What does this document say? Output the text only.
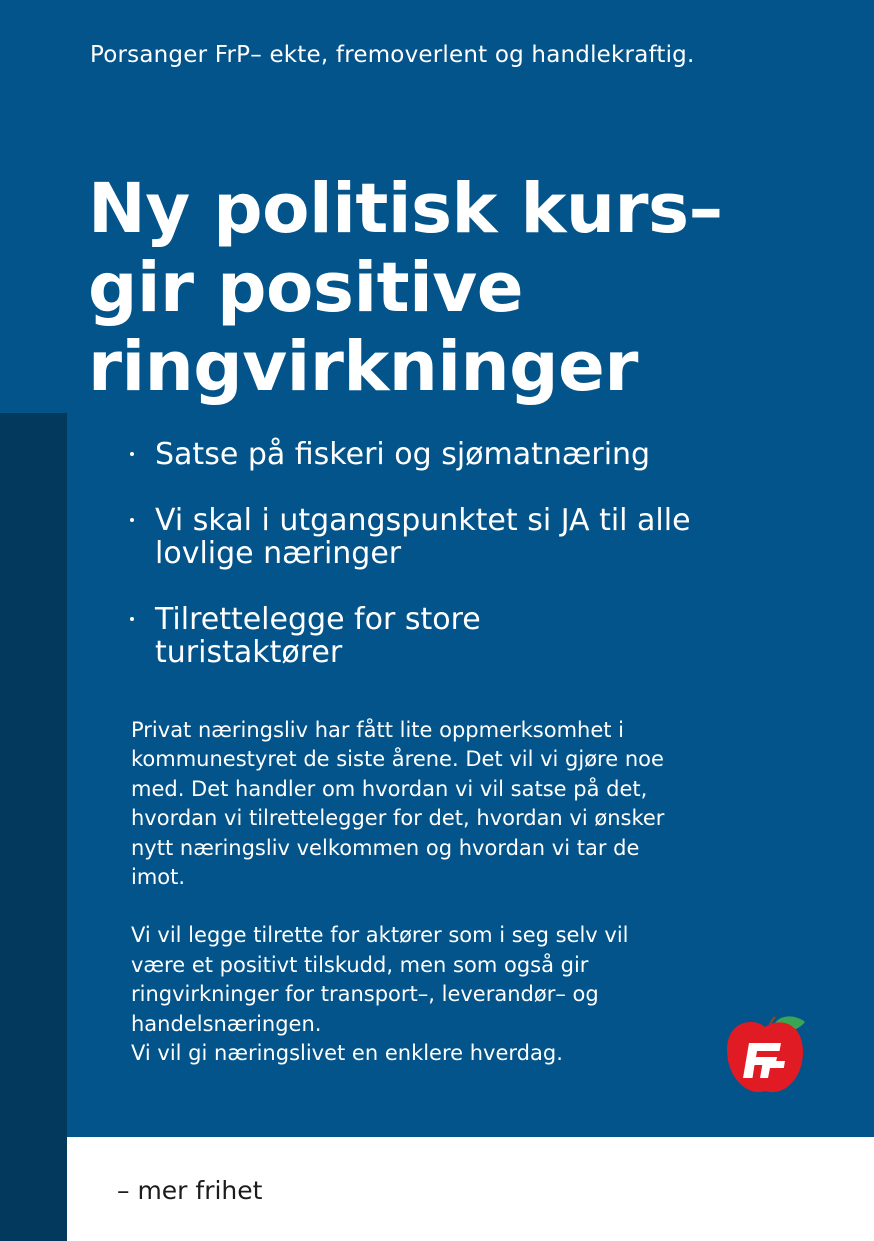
Porsanger FrP– ekte, fremoverlent og handlekraftig.
Ny politisk kurs–
gir positive
ringvirkninger
Satse på fiskeri og sjømatnæring
Vi skal i utgangspunktet si JA til alle
lovlige næringer
Tilrettelegge for store
turistaktører

Privat næringsliv har fått lite oppmerksomhet i
kommunestyret de siste årene. Det vil vi gjøre noe
med. Det handler om hvordan vi vil satse på det,
hvordan vi tilrettelegger for det, hvordan vi ønsker
nytt næringsliv velkommen og hvordan vi tar de
imot.

Vi vil legge tilrette for aktører som i seg selv vil
være et positivt tilskudd, men som også gir
ringvirkninger for transport–, leverandør– og
handelsnæringen.
Vi vil gi næringslivet en enklere hverdag.

– mer frihet
